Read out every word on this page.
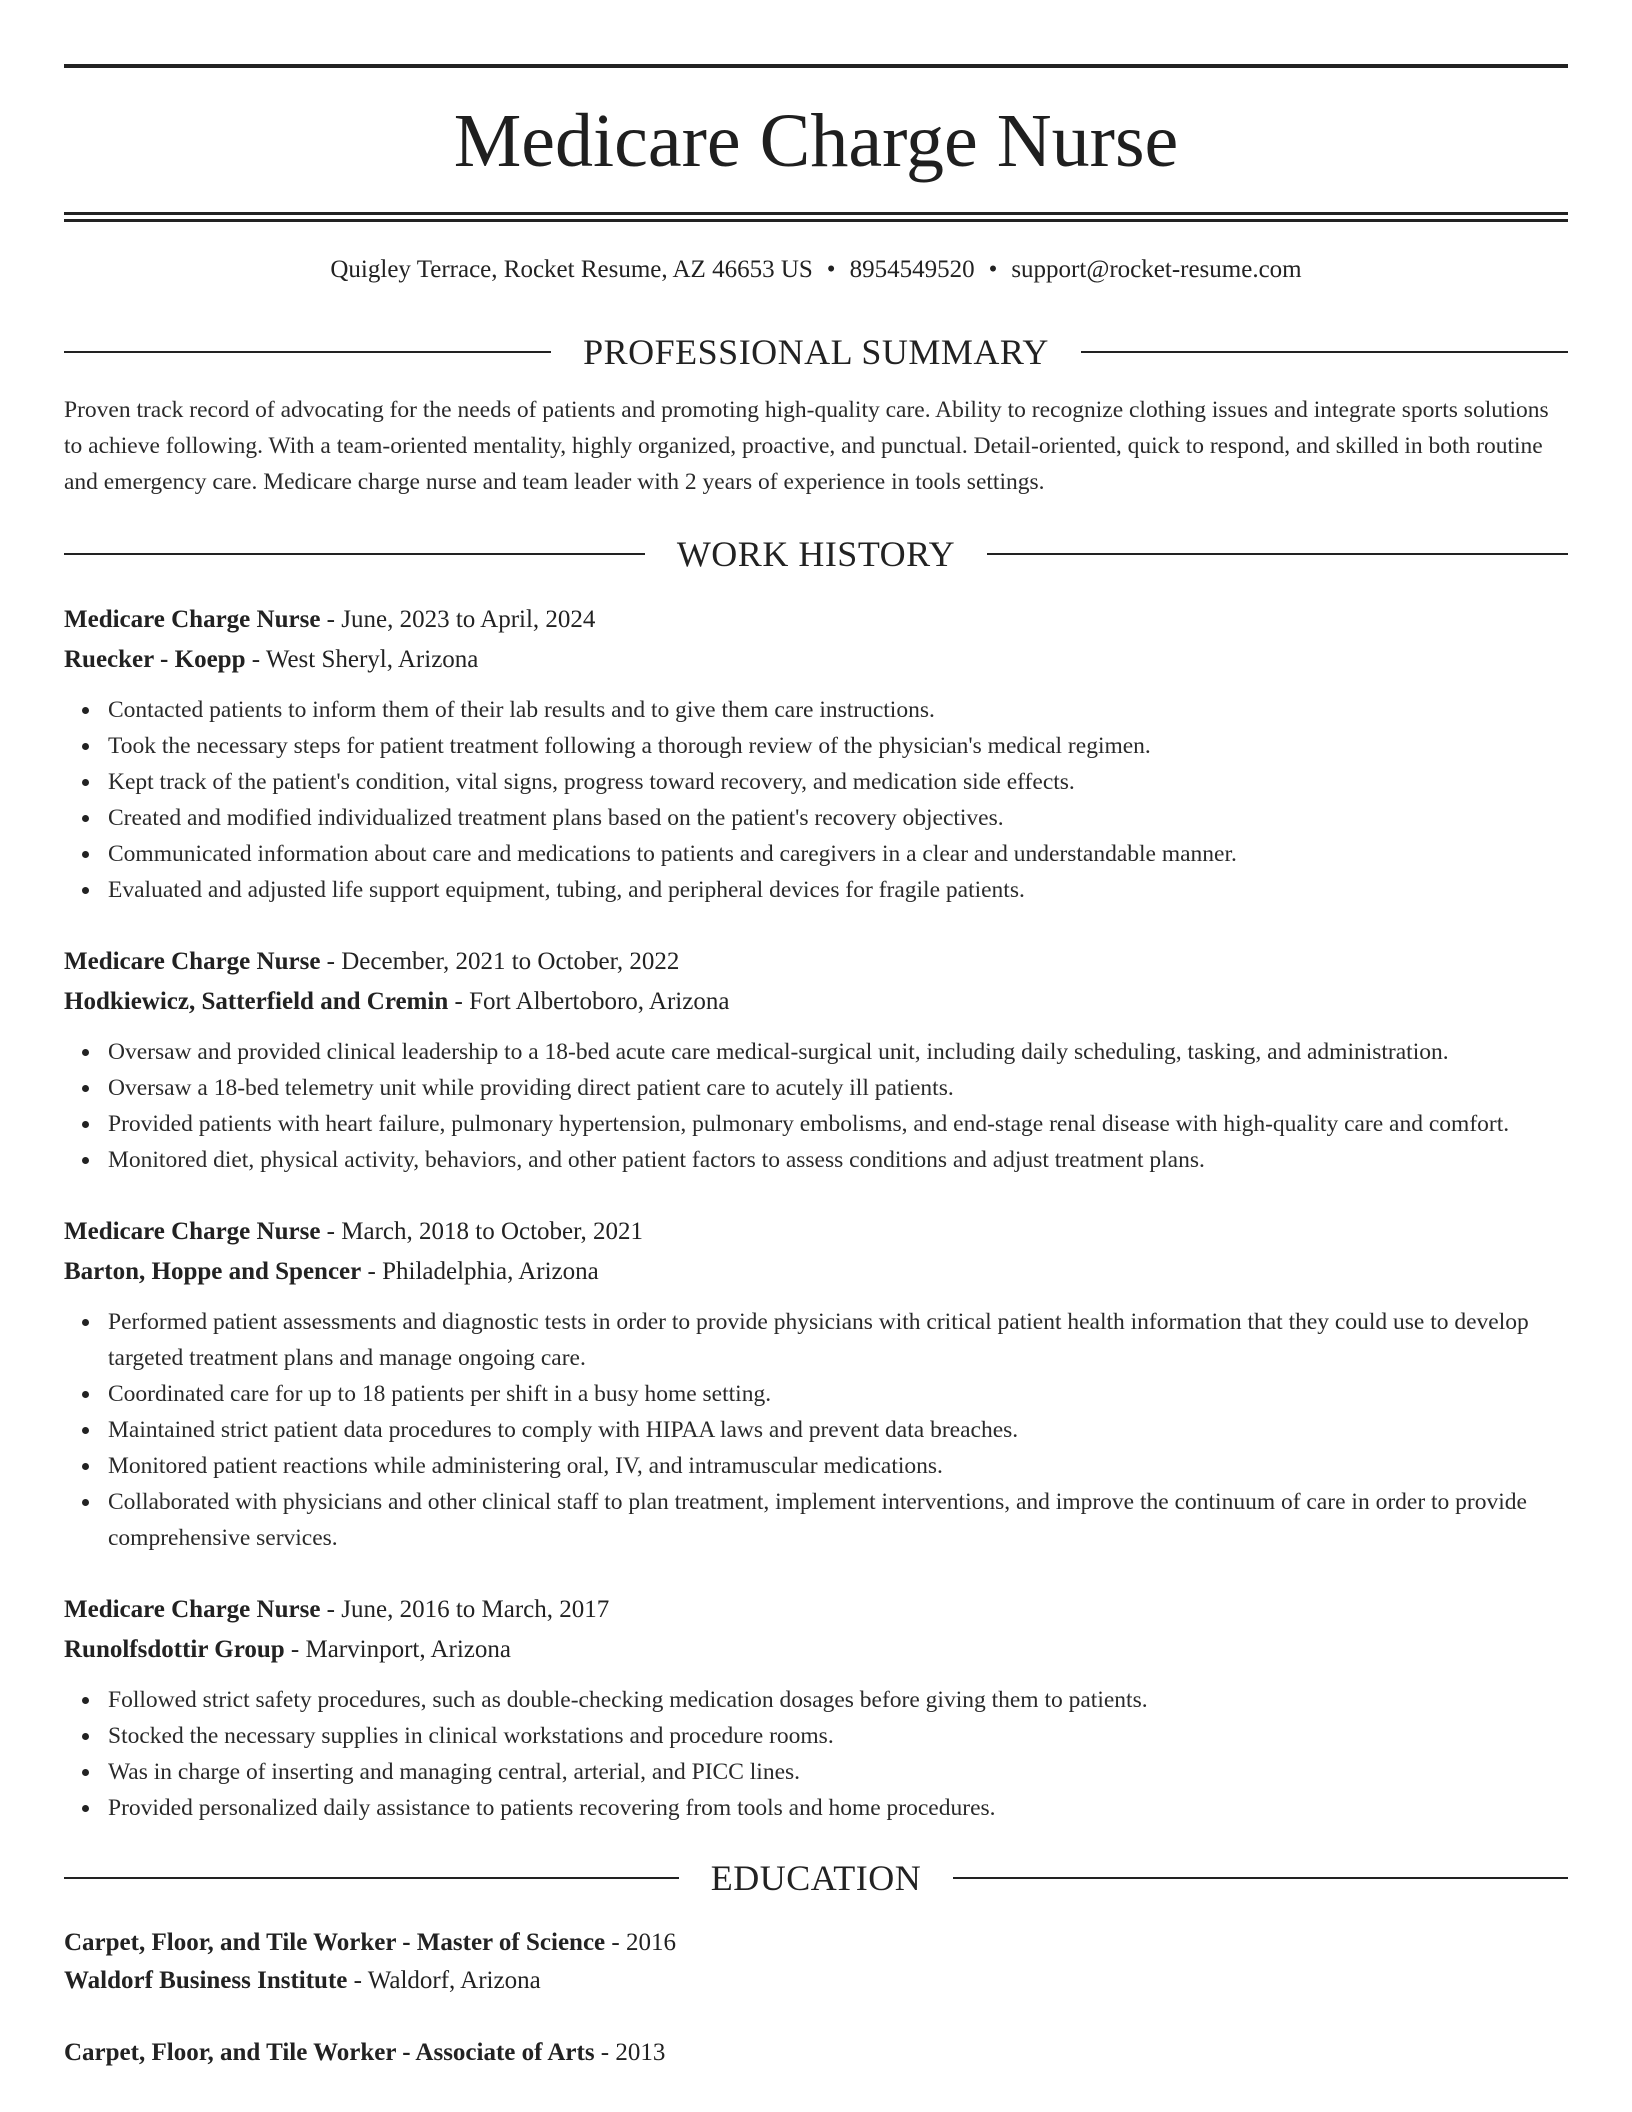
Medicare Charge Nurse
Quigley Terrace, Rocket Resume, AZ 46653 US • 8954549520 • support@rocket-resume.com
PROFESSIONAL SUMMARY
Proven track record of advocating for the needs of patients and promoting high-quality care. Ability to recognize clothing issues and integrate sports solutions to achieve following. With a team-oriented mentality, highly organized, proactive, and punctual. Detail-oriented, quick to respond, and skilled in both routine and emergency care. Medicare charge nurse and team leader with 2 years of experience in tools settings.
WORK HISTORY
Medicare Charge Nurse - June, 2023 to April, 2024
Ruecker - Koepp - West Sheryl, Arizona
Contacted patients to inform them of their lab results and to give them care instructions.
Took the necessary steps for patient treatment following a thorough review of the physician's medical regimen.
Kept track of the patient's condition, vital signs, progress toward recovery, and medication side effects.
Created and modified individualized treatment plans based on the patient's recovery objectives.
Communicated information about care and medications to patients and caregivers in a clear and understandable manner.
Evaluated and adjusted life support equipment, tubing, and peripheral devices for fragile patients.
Medicare Charge Nurse - December, 2021 to October, 2022
Hodkiewicz, Satterfield and Cremin - Fort Albertoboro, Arizona
Oversaw and provided clinical leadership to a 18-bed acute care medical-surgical unit, including daily scheduling, tasking, and administration.
Oversaw a 18-bed telemetry unit while providing direct patient care to acutely ill patients.
Provided patients with heart failure, pulmonary hypertension, pulmonary embolisms, and end-stage renal disease with high-quality care and comfort.
Monitored diet, physical activity, behaviors, and other patient factors to assess conditions and adjust treatment plans.
Medicare Charge Nurse - March, 2018 to October, 2021
Barton, Hoppe and Spencer - Philadelphia, Arizona
Performed patient assessments and diagnostic tests in order to provide physicians with critical patient health information that they could use to develop targeted treatment plans and manage ongoing care.
Coordinated care for up to 18 patients per shift in a busy home setting.
Maintained strict patient data procedures to comply with HIPAA laws and prevent data breaches.
Monitored patient reactions while administering oral, IV, and intramuscular medications.
Collaborated with physicians and other clinical staff to plan treatment, implement interventions, and improve the continuum of care in order to provide comprehensive services.
Medicare Charge Nurse - June, 2016 to March, 2017
Runolfsdottir Group - Marvinport, Arizona
Followed strict safety procedures, such as double-checking medication dosages before giving them to patients.
Stocked the necessary supplies in clinical workstations and procedure rooms.
Was in charge of inserting and managing central, arterial, and PICC lines.
Provided personalized daily assistance to patients recovering from tools and home procedures.
EDUCATION
Carpet, Floor, and Tile Worker - Master of Science - 2016
Waldorf Business Institute - Waldorf, Arizona
Carpet, Floor, and Tile Worker - Associate of Arts - 2013
